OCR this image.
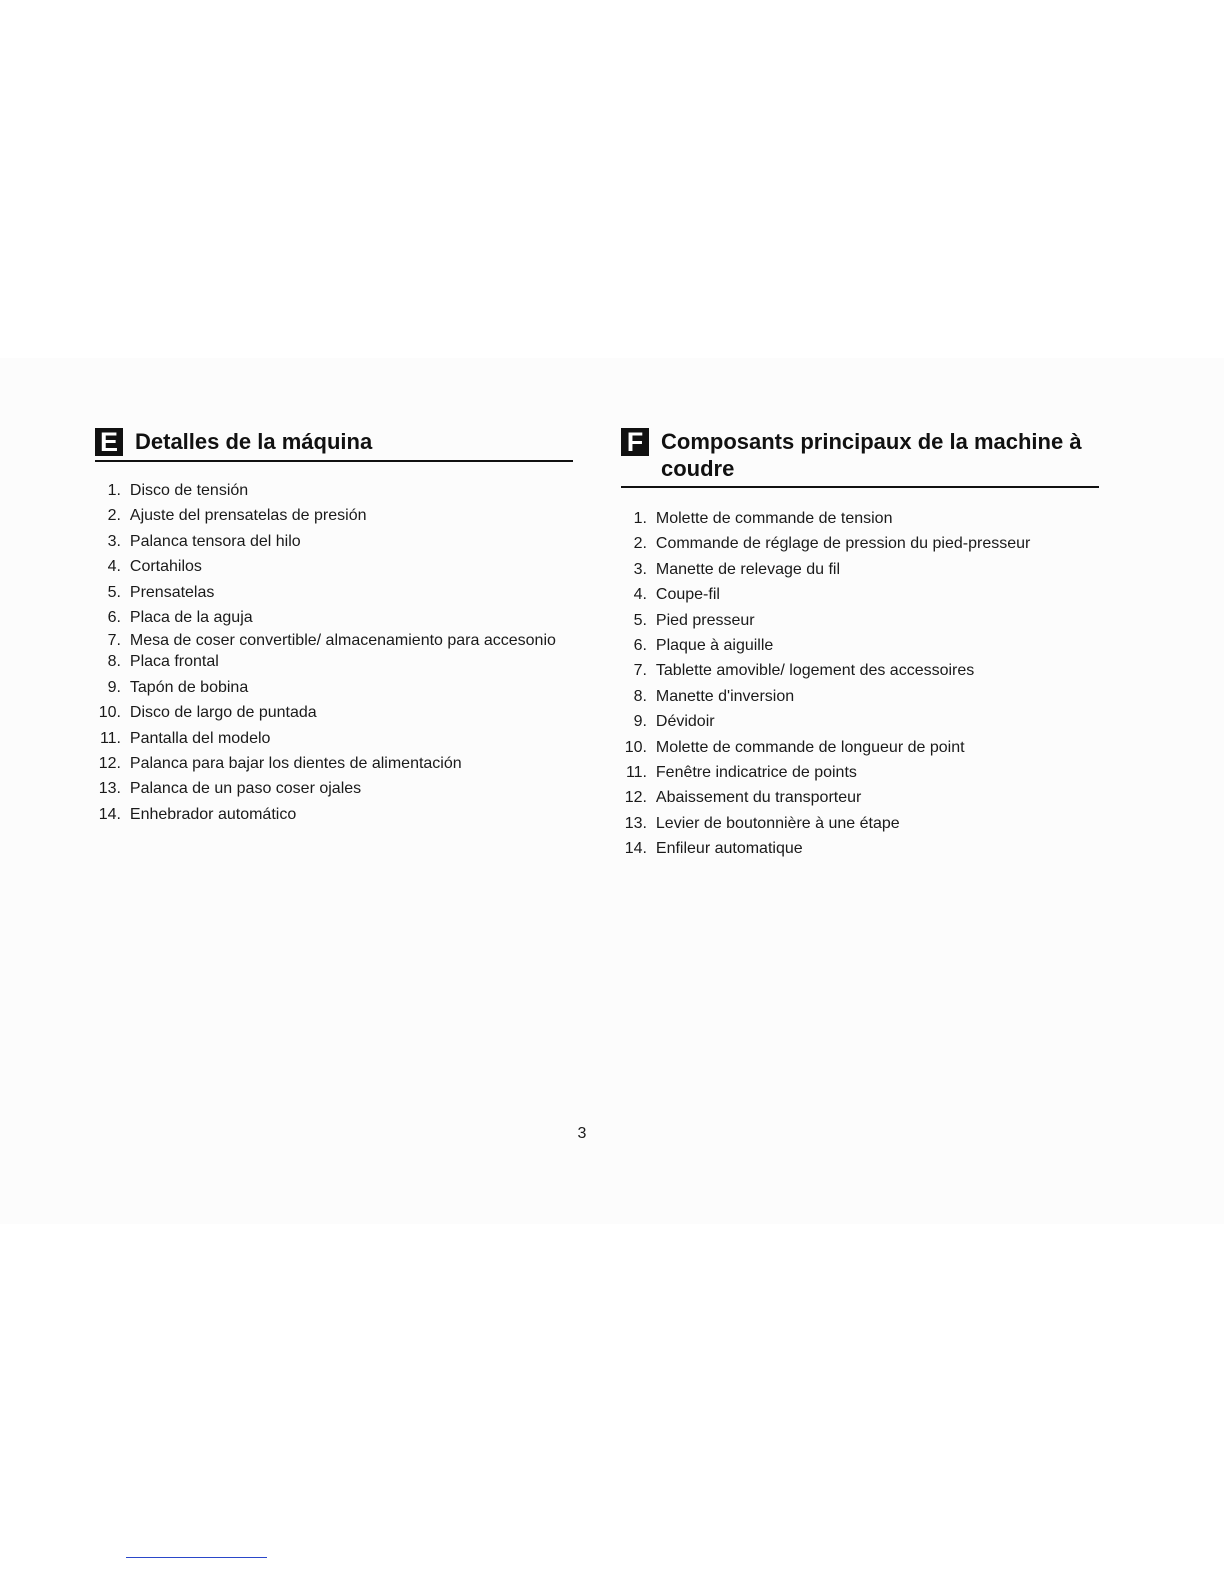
E Detalles de la máquina
1.
Disco de tensión
2.
Ajuste del prensatelas de presión
3.
Palanca tensora del hilo
4.
Cortahilos
5.
Prensatelas
6.
Placa de la aguja
7.
Mesa de coser convertible/ almacenamiento para accesonio
8.
Placa frontal
9.
Tapón de bobina
10.
Disco de largo de puntada
11.
Pantalla del modelo
12.
Palanca para bajar los dientes de alimentación
13.
Palanca de un paso coser ojales
14.
Enhebrador automático
F Composants principaux de la machine à coudre
1.
Molette de commande de tension
2.
Commande de réglage de pression du pied-presseur
3.
Manette de relevage du fil
4.
Coupe-fil
5.
Pied presseur
6.
Plaque à aiguille
7.
Tablette amovible/ logement des accessoires
8.
Manette d'inversion
9.
Dévidoir
10.
Molette de commande de longueur de point
11.
Fenêtre indicatrice de points
12.
Abaissement du transporteur
13.
Levier de boutonnière à une étape
14.
Enfileur automatique
3
